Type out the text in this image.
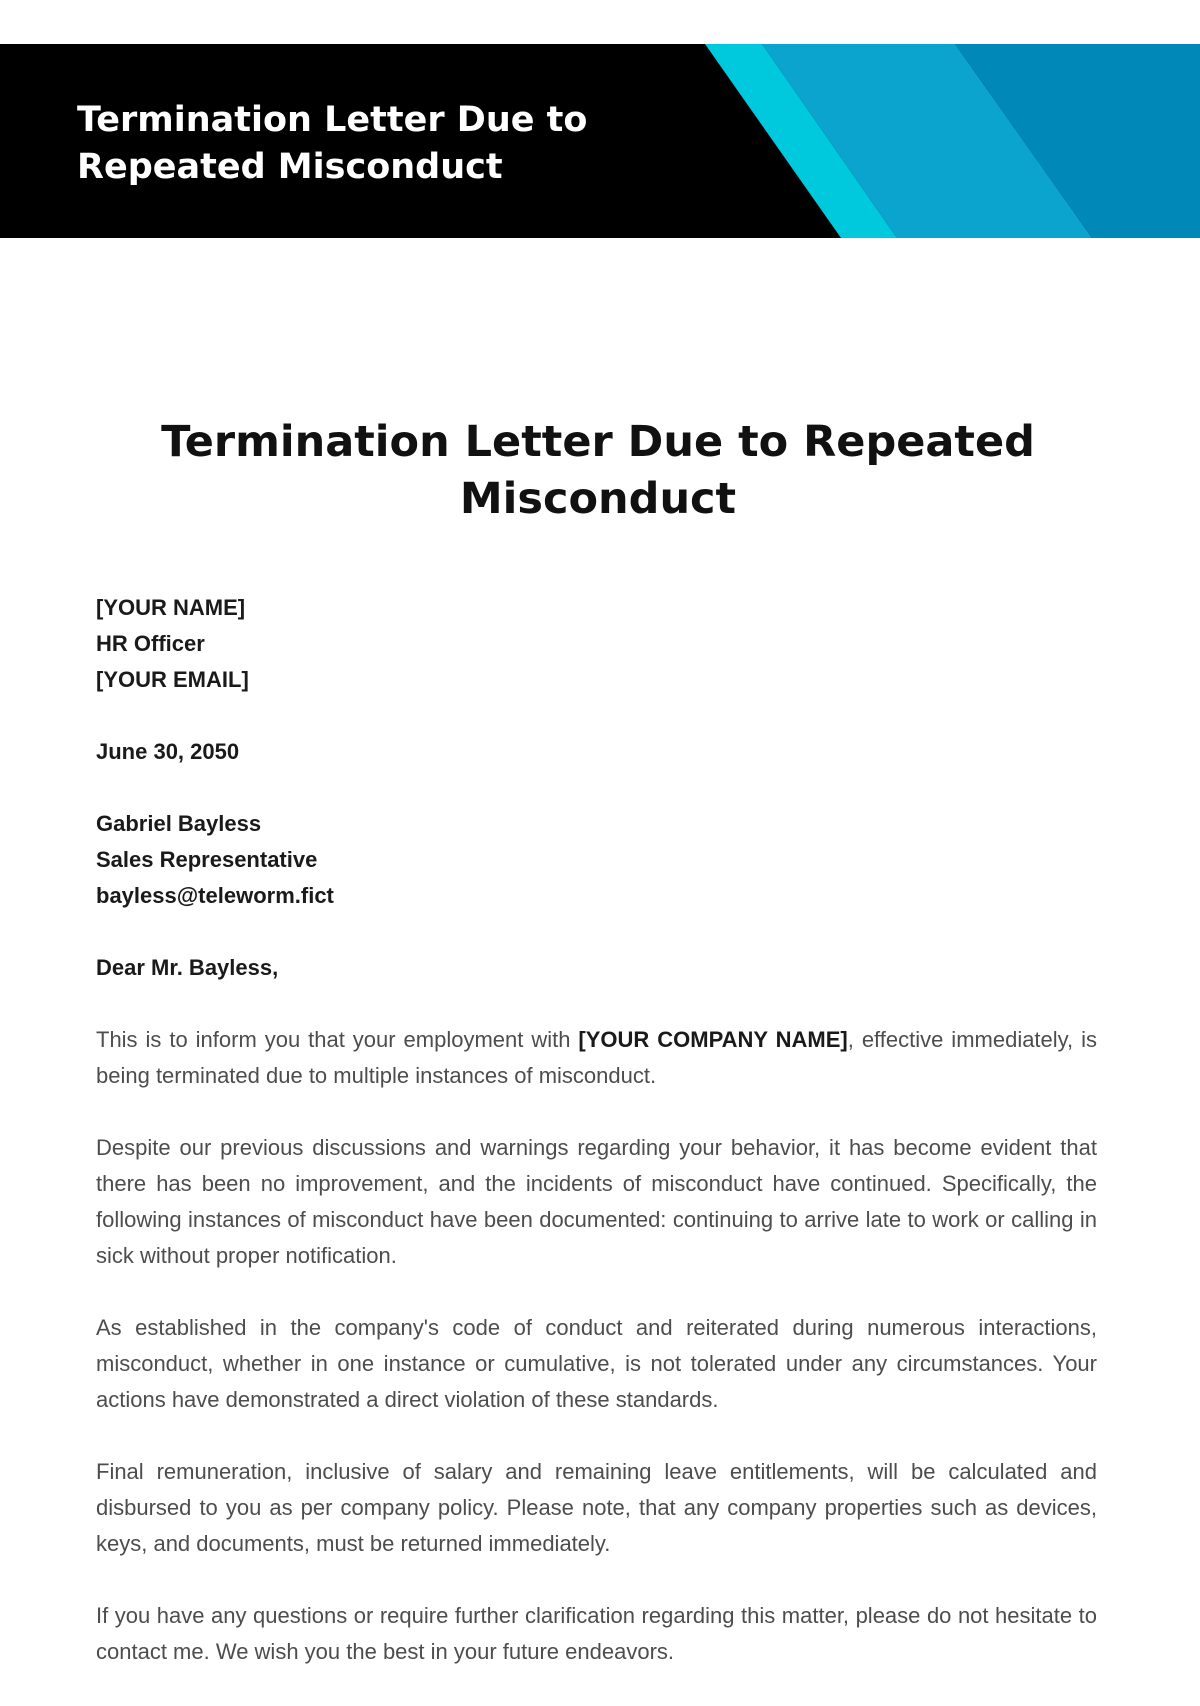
Termination Letter Due to Repeated Misconduct
Termination Letter Due to Repeated Misconduct
[YOUR NAME]
HR Officer
[YOUR EMAIL]
June 30, 2050
Gabriel Bayless
Sales Representative
bayless@teleworm.fict
Dear Mr. Bayless,

This is to inform you that your employment with [YOUR COMPANY NAME], effective immediately, is being terminated due to multiple instances of misconduct.

Despite our previous discussions and warnings regarding your behavior, it has become evident that there has been no improvement, and the incidents of misconduct have continued. Specifically, the following instances of misconduct have been documented: continuing to arrive late to work or calling in sick without proper notification.

As established in the company's code of conduct and reiterated during numerous interactions, misconduct, whether in one instance or cumulative, is not tolerated under any circumstances. Your actions have demonstrated a direct violation of these standards.

Final remuneration, inclusive of salary and remaining leave entitlements, will be calculated and disbursed to you as per company policy. Please note, that any company properties such as devices, keys, and documents, must be returned immediately.

If you have any questions or require further clarification regarding this matter, please do not hesitate to contact me. We wish you the best in your future endeavors.
